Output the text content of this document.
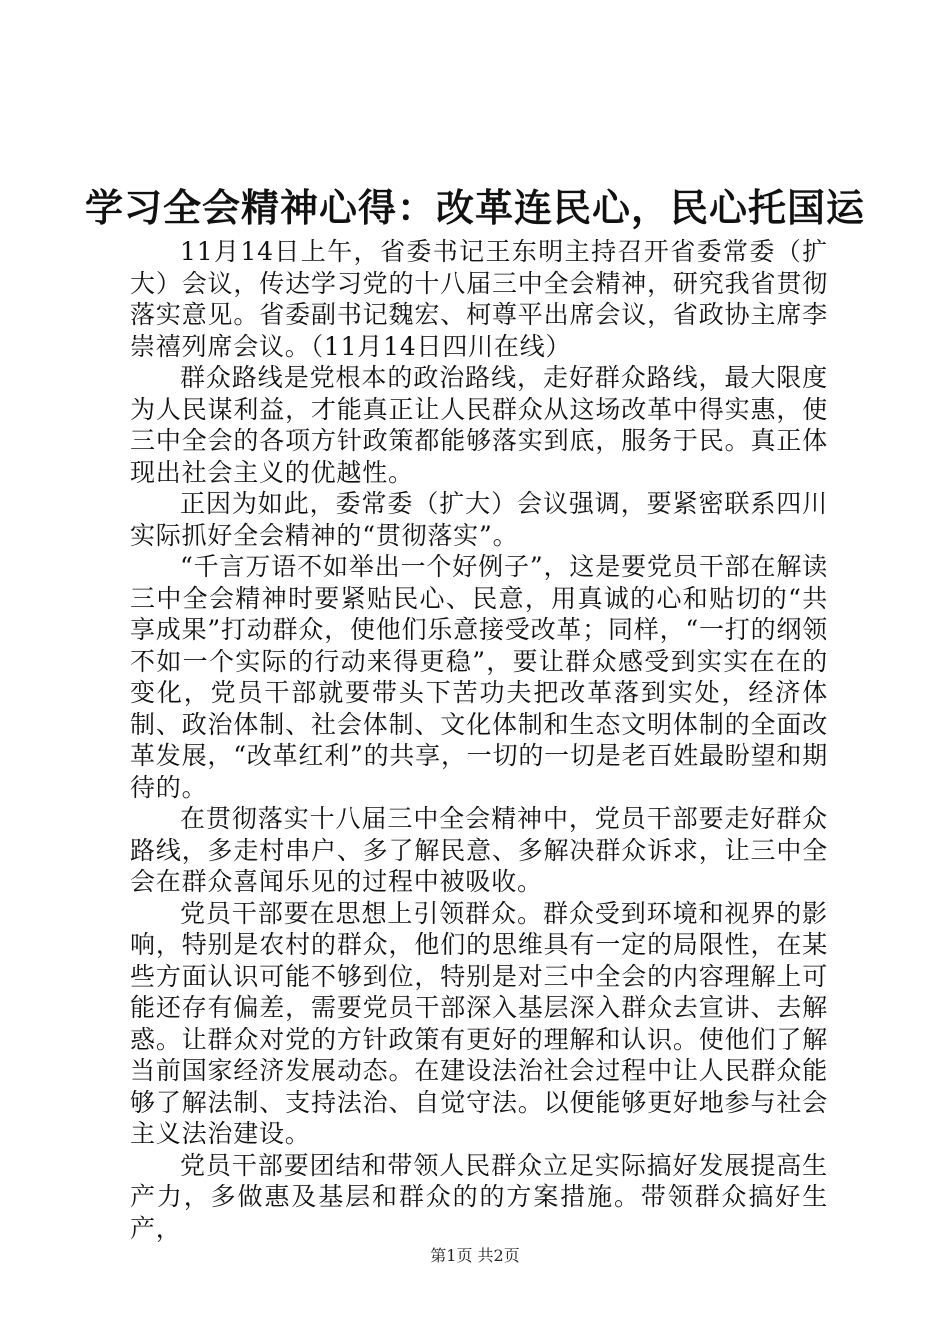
学习全会精神心得：改革连民心，民心托国运

11月14日上午，省委书记王东明主持召开省委常委（扩大）会议，传达学习党的十八届三中全会精神，研究我省贯彻落实意见。省委副书记魏宏、柯尊平出席会议，省政协主席李崇禧列席会议。（11月14日四川在线）

群众路线是党根本的政治路线，走好群众路线，最大限度为人民谋利益，才能真正让人民群众从这场改革中得实惠，使三中全会的各项方针政策都能够落实到底，服务于民。真正体现出社会主义的优越性。

正因为如此，委常委（扩大）会议强调，要紧密联系四川实际抓好全会精神的“贯彻落实”。

“千言万语不如举出一个好例子”，这是要党员干部在解读三中全会精神时要紧贴民心、民意，用真诚的心和贴切的“共享成果”打动群众，使他们乐意接受改革；同样，“一打的纲领不如一个实际的行动来得更稳”，要让群众感受到实实在在的变化，党员干部就要带头下苦功夫把改革落到实处，经济体制、政治体制、社会体制、文化体制和生态文明体制的全面改革发展，“改革红利”的共享，一切的一切是老百姓最盼望和期待的。

在贯彻落实十八届三中全会精神中，党员干部要走好群众路线，多走村串户、多了解民意、多解决群众诉求，让三中全会在群众喜闻乐见的过程中被吸收。

党员干部要在思想上引领群众。群众受到环境和视界的影响，特别是农村的群众，他们的思维具有一定的局限性，在某些方面认识可能不够到位，特别是对三中全会的内容理解上可能还存有偏差，需要党员干部深入基层深入群众去宣讲、去解惑。让群众对党的方针政策有更好的理解和认识。使他们了解当前国家经济发展动态。在建设法治社会过程中让人民群众能够了解法制、支持法治、自觉守法。以便能够更好地参与社会主义法治建设。

党员干部要团结和带领人民群众立足实际搞好发展提高生产力，多做惠及基层和群众的的方案措施。带领群众搞好生产，

第1页 共2页
